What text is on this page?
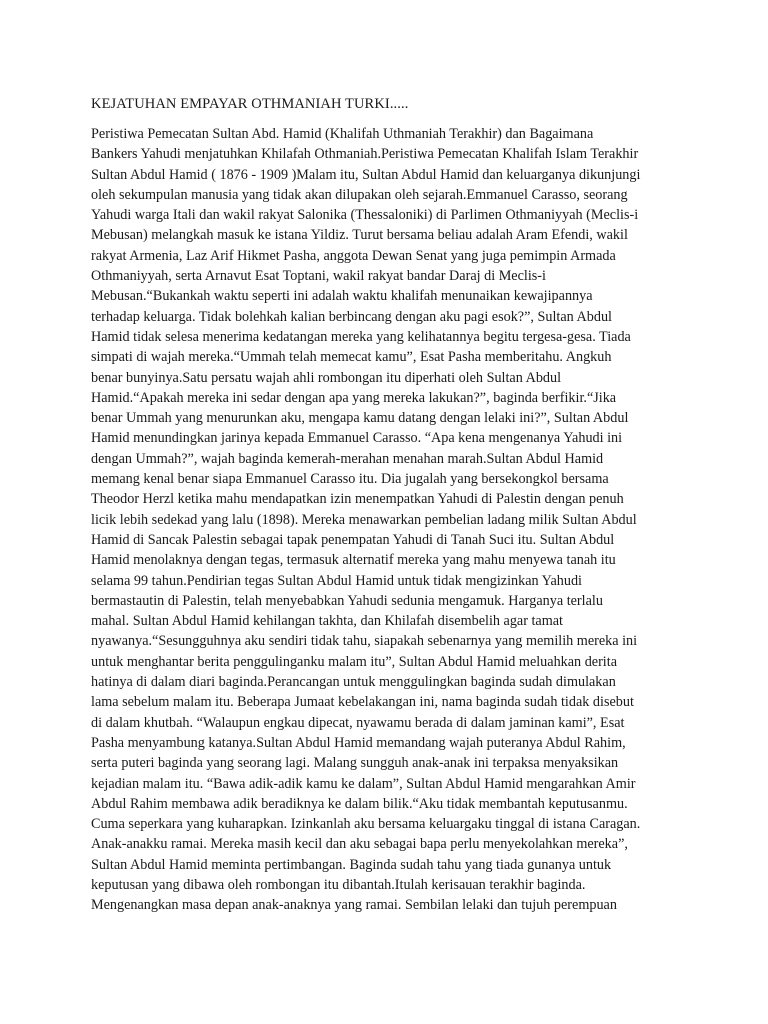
KEJATUHAN EMPAYAR OTHMANIAH TURKI.....
Peristiwa Pemecatan Sultan Abd. Hamid (Khalifah Uthmaniah Terakhir) dan Bagaimana
Bankers Yahudi menjatuhkan Khilafah Othmaniah.Peristiwa Pemecatan Khalifah Islam Terakhir
Sultan Abdul Hamid ( 1876 - 1909 )Malam itu, Sultan Abdul Hamid dan keluarganya dikunjungi
oleh sekumpulan manusia yang tidak akan dilupakan oleh sejarah.Emmanuel Carasso, seorang
Yahudi warga Itali dan wakil rakyat Salonika (Thessaloniki) di Parlimen Othmaniyyah (Meclis-i
Mebusan) melangkah masuk ke istana Yildiz. Turut bersama beliau adalah Aram Efendi, wakil
rakyat Armenia, Laz Arif Hikmet Pasha, anggota Dewan Senat yang juga pemimpin Armada
Othmaniyyah, serta Arnavut Esat Toptani, wakil rakyat bandar Daraj di Meclis-i
Mebusan.“Bukankah waktu seperti ini adalah waktu khalifah menunaikan kewajipannya
terhadap keluarga. Tidak bolehkah kalian berbincang dengan aku pagi esok?”, Sultan Abdul
Hamid tidak selesa menerima kedatangan mereka yang kelihatannya begitu tergesa-gesa. Tiada
simpati di wajah mereka.“Ummah telah memecat kamu”, Esat Pasha memberitahu. Angkuh
benar bunyinya.Satu persatu wajah ahli rombongan itu diperhati oleh Sultan Abdul
Hamid.“Apakah mereka ini sedar dengan apa yang mereka lakukan?”, baginda berfikir.“Jika
benar Ummah yang menurunkan aku, mengapa kamu datang dengan lelaki ini?”, Sultan Abdul
Hamid menundingkan jarinya kepada Emmanuel Carasso. “Apa kena mengenanya Yahudi ini
dengan Ummah?”, wajah baginda kemerah-merahan menahan marah.Sultan Abdul Hamid
memang kenal benar siapa Emmanuel Carasso itu. Dia jugalah yang bersekongkol bersama
Theodor Herzl ketika mahu mendapatkan izin menempatkan Yahudi di Palestin dengan penuh
licik lebih sedekad yang lalu (1898). Mereka menawarkan pembelian ladang milik Sultan Abdul
Hamid di Sancak Palestin sebagai tapak penempatan Yahudi di Tanah Suci itu. Sultan Abdul
Hamid menolaknya dengan tegas, termasuk alternatif mereka yang mahu menyewa tanah itu
selama 99 tahun.Pendirian tegas Sultan Abdul Hamid untuk tidak mengizinkan Yahudi
bermastautin di Palestin, telah menyebabkan Yahudi sedunia mengamuk. Harganya terlalu
mahal. Sultan Abdul Hamid kehilangan takhta, dan Khilafah disembelih agar tamat
nyawanya.“Sesungguhnya aku sendiri tidak tahu, siapakah sebenarnya yang memilih mereka ini
untuk menghantar berita penggulinganku malam itu”, Sultan Abdul Hamid meluahkan derita
hatinya di dalam diari baginda.Perancangan untuk menggulingkan baginda sudah dimulakan
lama sebelum malam itu. Beberapa Jumaat kebelakangan ini, nama baginda sudah tidak disebut
di dalam khutbah. “Walaupun engkau dipecat, nyawamu berada di dalam jaminan kami”, Esat
Pasha menyambung katanya.Sultan Abdul Hamid memandang wajah puteranya Abdul Rahim,
serta puteri baginda yang seorang lagi. Malang sungguh anak-anak ini terpaksa menyaksikan
kejadian malam itu. “Bawa adik-adik kamu ke dalam”, Sultan Abdul Hamid mengarahkan Amir
Abdul Rahim membawa adik beradiknya ke dalam bilik.“Aku tidak membantah keputusanmu.
Cuma seperkara yang kuharapkan. Izinkanlah aku bersama keluargaku tinggal di istana Caragan.
Anak-anakku ramai. Mereka masih kecil dan aku sebagai bapa perlu menyekolahkan mereka”,
Sultan Abdul Hamid meminta pertimbangan. Baginda sudah tahu yang tiada gunanya untuk
keputusan yang dibawa oleh rombongan itu dibantah.Itulah kerisauan terakhir baginda.
Mengenangkan masa depan anak-anaknya yang ramai. Sembilan lelaki dan tujuh perempuan
